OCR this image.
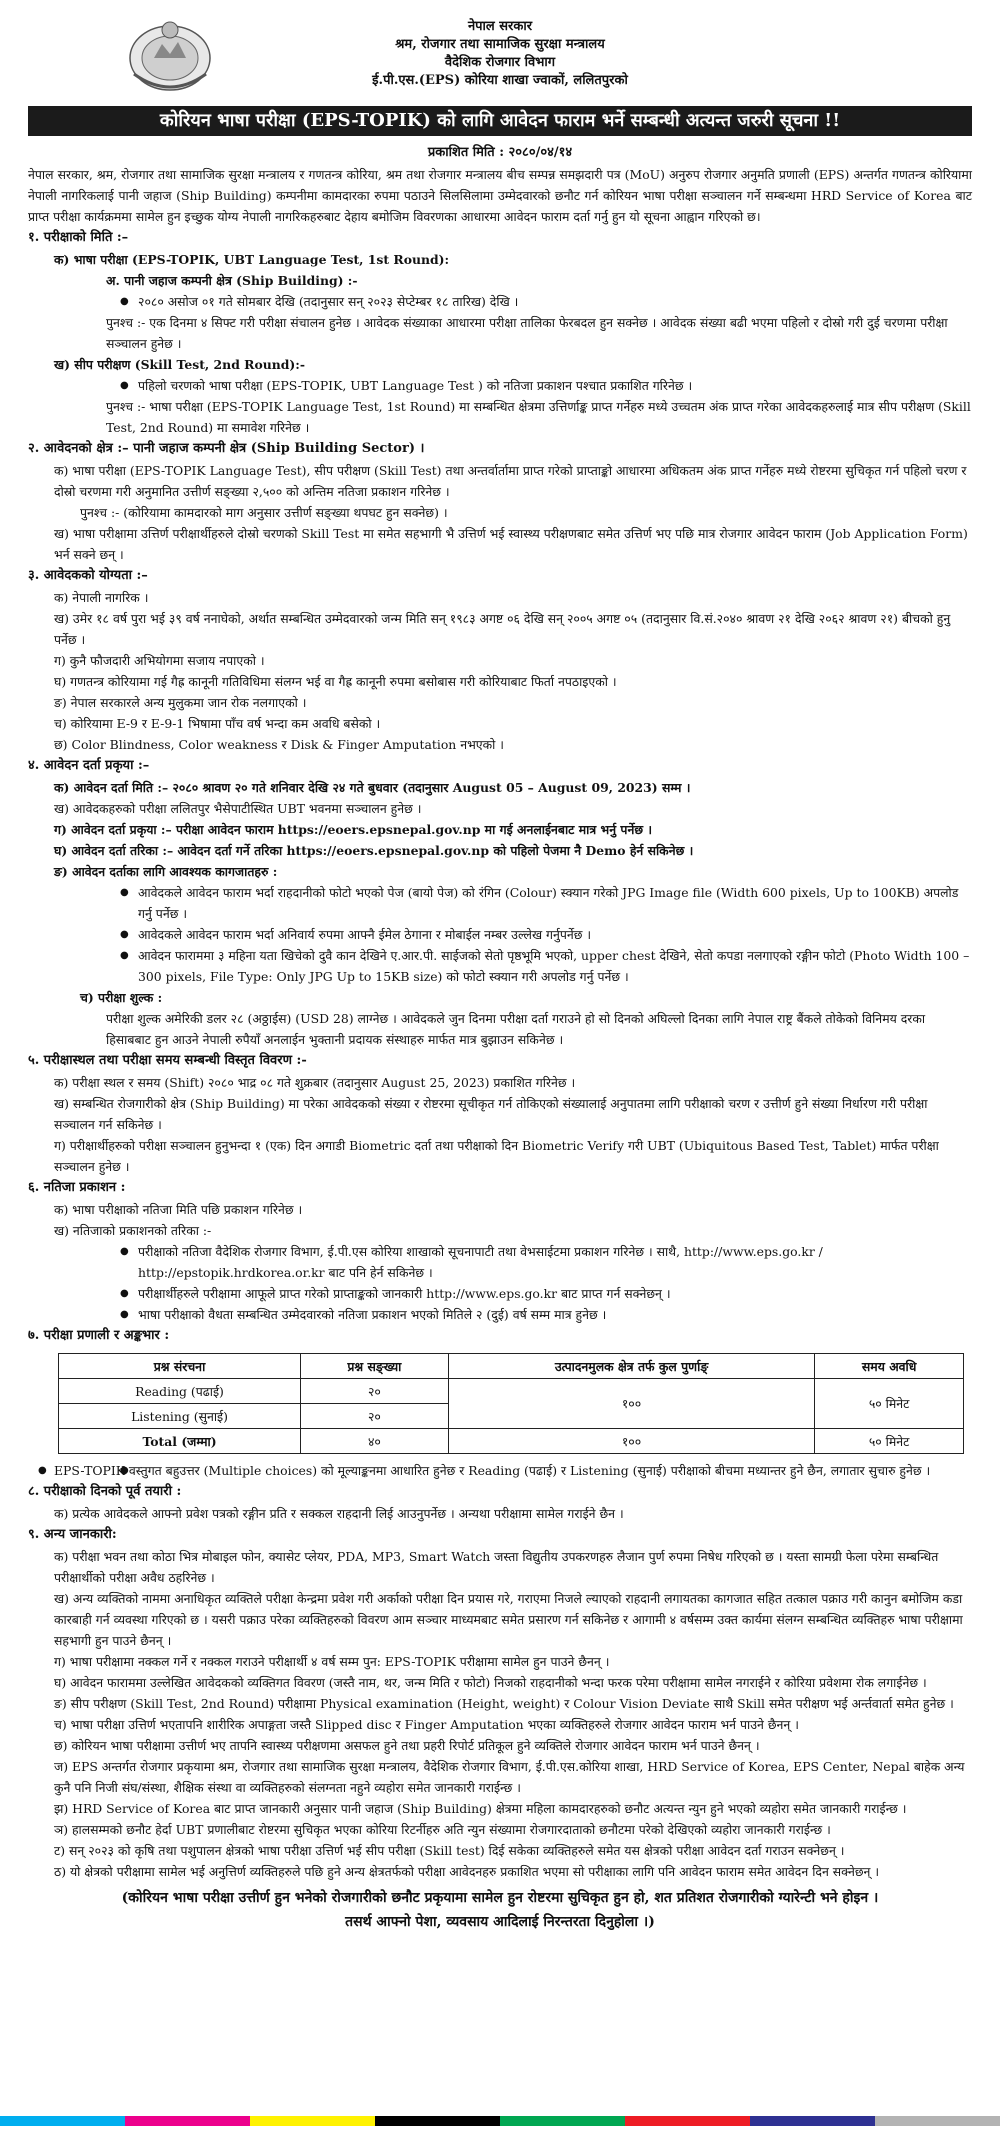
नेपाल सरकार
श्रम, रोजगार तथा सामाजिक सुरक्षा मन्त्रालय
वैदेशिक रोजगार विभाग
ई.पी.एस.(EPS) कोरिया शाखा ज्वाकों, ललितपुरको
कोरियन भाषा परीक्षा (EPS-TOPIK) को लागि आवेदन फाराम भर्ने सम्बन्धी अत्यन्त जरुरी सूचना !!
प्रकाशित मिति : २०८०/०४/१४

नेपाल सरकार, श्रम, रोजगार तथा सामाजिक सुरक्षा मन्त्रालय र गणतन्त्र कोरिया, श्रम तथा रोजगार मन्त्रालय बीच सम्पन्न समझदारी पत्र (MoU) अनुरुप रोजगार अनुमति प्रणाली (EPS) अन्तर्गत गणतन्त्र कोरियामा नेपाली नागरिकलाई पानी जहाज (Ship Building) कम्पनीमा कामदारका रुपमा पठाउने सिलसिलामा उम्मेदवारको छनौट गर्न कोरियन भाषा परीक्षा सञ्चालन गर्ने सम्बन्धमा HRD Service of Korea बाट प्राप्त परीक्षा कार्यक्रममा सामेल हुन इच्छुक योग्य नेपाली नागरिकहरुबाट देहाय बमोजिम विवरणका आधारमा आवेदन फाराम दर्ता गर्नु हुन यो सूचना आह्वान गरिएको छ।

१. परीक्षाको मिति :–

क) भाषा परीक्षा (EPS-TOPIK, UBT Language Test, 1st Round):

अ. पानी जहाज कम्पनी क्षेत्र (Ship Building) :-

● २०८० असोज ०१ गते सोमबार देखि (तदानुसार सन् २०२३ सेप्टेम्बर १८ तारिख) देखि ।

पुनश्च :- एक दिनमा ४ सिफ्ट गरी परीक्षा संचालन हुनेछ । आवेदक संख्याका आधारमा परीक्षा तालिका फेरबदल हुन सक्नेछ । आवेदक संख्या बढी भएमा पहिलो र दोस्रो गरी दुई चरणमा परीक्षा सञ्चालन हुनेछ ।

ख) सीप परीक्षण (Skill Test, 2nd Round):-

● पहिलो चरणको भाषा परीक्षा (EPS-TOPIK, UBT Language Test ) को नतिजा प्रकाशन पश्चात प्रकाशित गरिनेछ ।

पुनश्च :- भाषा परीक्षा (EPS-TOPIK Language Test, 1st Round) मा सम्बन्धित क्षेत्रमा उत्तिर्णाङ्क प्राप्त गर्नेहरु मध्ये उच्चतम अंक प्राप्त गरेका आवेदकहरुलाई मात्र सीप परीक्षण (Skill Test, 2nd Round) मा समावेश गरिनेछ ।

२. आवेदनको क्षेत्र :– पानी जहाज कम्पनी क्षेत्र (Ship Building Sector) ।

क) भाषा परीक्षा (EPS-TOPIK Language Test), सीप परीक्षण (Skill Test) तथा अन्तर्वार्तामा प्राप्त गरेको प्राप्ताङ्को आधारमा अधिकतम अंक प्राप्त गर्नेहरु मध्ये रोष्टरमा सुचिकृत गर्न पहिलो चरण र दोस्रो चरणमा गरी अनुमानित उत्तीर्ण सङ्ख्या २,५०० को अन्तिम नतिजा प्रकाशन गरिनेछ ।

पुनश्च :- (कोरियामा कामदारको माग अनुसार उत्तीर्ण सङ्ख्या थपघट हुन सक्नेछ) ।

ख) भाषा परीक्षामा उत्तिर्ण परीक्षार्थीहरुले दोस्रो चरणको Skill Test मा समेत सहभागी भै उत्तिर्ण भई स्वास्थ्य परीक्षणबाट समेत उत्तिर्ण भए पछि मात्र रोजगार आवेदन फाराम (Job Application Form) भर्न सक्ने छन् ।

३. आवेदकको योग्यता :–

क) नेपाली नागरिक ।

ख) उमेर १८ वर्ष पुरा भई ३९ वर्ष ननाघेको, अर्थात सम्बन्धित उम्मेदवारको जन्म मिति सन् १९८३ अगष्ट ०६ देखि सन् २००५ अगष्ट ०५ (तदानुसार वि.सं.२०४० श्रावण २१ देखि २०६२ श्रावण २१) बीचको हुनु पर्नेछ ।

ग) कुनै फौजदारी अभियोगमा सजाय नपाएको ।

घ) गणतन्त्र कोरियामा गई गैह्र कानूनी गतिविधिमा संलग्न भई वा गैह्र कानूनी रुपमा बसोबास गरी कोरियाबाट फिर्ता नपठाइएको ।

ङ) नेपाल सरकारले अन्य मुलुकमा जान रोक नलगाएको ।

च) कोरियामा E-9 र E-9-1 भिषामा पाँच वर्ष भन्दा कम अवधि बसेको ।

छ) Color Blindness, Color weakness र Disk & Finger Amputation नभएको ।

४. आवेदन दर्ता प्रकृया :–

क) आवेदन दर्ता मिति :– २०८० श्रावण २० गते शनिवार देखि २४ गते बुधवार (तदानुसार August 05 – August 09, 2023) सम्म ।

ख) आवेदकहरुको परीक्षा ललितपुर भैसेपाटीस्थित UBT भवनमा सञ्चालन हुनेछ ।

ग) आवेदन दर्ता प्रकृया :– परीक्षा आवेदन फाराम https://eoers.epsnepal.gov.np मा गई अनलाईनबाट मात्र भर्नु पर्नेछ ।

घ) आवेदन दर्ता तरिका :– आवेदन दर्ता गर्ने तरिका https://eoers.epsnepal.gov.np को पहिलो पेजमा नै Demo हेर्न सकिनेछ ।

ङ) आवेदन दर्ताका लागि आवश्यक कागजातहरु :

● आवेदकले आवेदन फाराम भर्दा राहदानीको फोटो भएको पेज (बायो पेज) को रंगिन (Colour) स्क्यान गरेको JPG Image file (Width 600 pixels, Up to 100KB) अपलोड गर्नु पर्नेछ ।

● आवेदकले आवेदन फाराम भर्दा अनिवार्य रुपमा आफ्नै ईमेल ठेगाना र मोबाईल नम्बर उल्लेख गर्नुपर्नेछ ।

● आवेदन फाराममा ३ महिना यता खिचेको दुवै कान देखिने ए.आर.पी. साईजको सेतो पृष्ठभूमि भएको, upper chest देखिने, सेतो कपडा नलगाएको रङ्गीन फोटो (Photo Width 100 – 300 pixels, File Type: Only JPG Up to 15KB size) को फोटो स्क्यान गरी अपलोड गर्नु पर्नेछ ।

च) परीक्षा शुल्क :

परीक्षा शुल्क अमेरिकी डलर २८ (अठ्ठाईस) (USD 28) लाग्नेछ । आवेदकले जुन दिनमा परीक्षा दर्ता गराउने हो सो दिनको अघिल्लो दिनका लागि नेपाल राष्ट्र बैंकले तोकेको विनिमय दरका हिसाबबाट हुन आउने नेपाली रुपैयाँ अनलाईन भुक्तानी प्रदायक संस्थाहरु मार्फत मात्र बुझाउन सकिनेछ ।

५. परीक्षास्थल तथा परीक्षा समय सम्बन्धी विस्तृत विवरण :-

क) परीक्षा स्थल र समय (Shift) २०८० भाद्र ०८ गते शुक्रबार (तदानुसार August 25, 2023) प्रकाशित गरिनेछ ।

ख) सम्बन्धित रोजगारीको क्षेत्र (Ship Building) मा परेका आवेदकको संख्या र रोष्टरमा सूचीकृत गर्न तोकिएको संख्यालाई अनुपातमा लागि परीक्षाको चरण र उत्तीर्ण हुने संख्या निर्धारण गरी परीक्षा सञ्चालन गर्न सकिनेछ ।

ग) परीक्षार्थीहरुको परीक्षा सञ्चालन हुनुभन्दा १ (एक) दिन अगाडी Biometric दर्ता तथा परीक्षाको दिन Biometric Verify गरी UBT (Ubiquitous Based Test, Tablet) मार्फत परीक्षा सञ्चालन हुनेछ ।

६. नतिजा प्रकाशन :

क) भाषा परीक्षाको नतिजा मिति पछि प्रकाशन गरिनेछ ।

ख) नतिजाको प्रकाशनको तरिका :-

● परीक्षाको नतिजा वैदेशिक रोजगार विभाग, ई.पी.एस कोरिया शाखाको सूचनापाटी तथा वेभसाईटमा प्रकाशन गरिनेछ । साथै, http://www.eps.go.kr / http://epstopik.hrdkorea.or.kr बाट पनि हेर्न सकिनेछ ।

● परीक्षार्थीहरुले परीक्षामा आफूले प्राप्त गरेको प्राप्ताङ्कको जानकारी http://www.eps.go.kr बाट प्राप्त गर्न सक्नेछन् ।

● भाषा परीक्षाको वैधता सम्बन्धित उम्मेदवारको नतिजा प्रकाशन भएको मितिले २ (दुई) वर्ष सम्म मात्र हुनेछ ।

७. परीक्षा प्रणाली र अङ्कभार :
प्रश्न संरचना	प्रश्न सङ्ख्या	उत्पादनमुलक क्षेत्र तर्फ कुल पुर्णाङ्	समय अवधि
Reading (पढाई)	२०	१००	५० मिनेट
Listening (सुनाई)	२०		
Total (जम्मा)	४०	१००	५० मिनेट

● ● EPS-TOPIK वस्तुगत बहुउत्तर (Multiple choices) को मूल्याङ्कनमा आधारित हुनेछ र Reading (पढाई) र Listening (सुनाई) परीक्षाको बीचमा मध्यान्तर हुने छैन, लगातार सुचारु हुनेछ ।

८. परीक्षाको दिनको पूर्व तयारी :

क) प्रत्येक आवेदकले आफ्नो प्रवेश पत्रको रङ्गीन प्रति र सक्कल राहदानी लिई आउनुपर्नेछ । अन्यथा परीक्षामा सामेल गराईने छैन ।

९. अन्य जानकारी:

क) परीक्षा भवन तथा कोठा भित्र मोबाइल फोन, क्यासेट प्लेयर, PDA, MP3, Smart Watch जस्ता विद्युतीय उपकरणहरु लैजान पुर्ण रुपमा निषेध गरिएको छ । यस्ता सामग्री फेला परेमा सम्बन्धित परीक्षार्थीको परीक्षा अवैध ठहरिनेछ ।

ख) अन्य व्यक्तिको नाममा अनाधिकृत व्यक्तिले परीक्षा केन्द्रमा प्रवेश गरी अर्काको परीक्षा दिन प्रयास गरे, गराएमा निजले ल्याएको राहदानी लगायतका कागजात सहित तत्काल पक्राउ गरी कानुन बमोजिम कडा कारबाही गर्न व्यवस्था गरिएको छ । यसरी पक्राउ परेका व्यक्तिहरुको विवरण आम सञ्चार माध्यमबाट समेत प्रसारण गर्न सकिनेछ र आगामी ४ वर्षसम्म उक्त कार्यमा संलग्न सम्बन्धित व्यक्तिहरु भाषा परीक्षामा सहभागी हुन पाउने छैनन् ।

ग) भाषा परीक्षामा नक्कल गर्ने र नक्कल गराउने परीक्षार्थी ४ वर्ष सम्म पुन: EPS-TOPIK परीक्षामा सामेल हुन पाउने छैनन् ।

घ) आवेदन फाराममा उल्लेखित आवेदकको व्यक्तिगत विवरण (जस्तै नाम, थर, जन्म मिति र फोटो) निजको राहदानीको भन्दा फरक परेमा परीक्षामा सामेल नगराईने र कोरिया प्रवेशमा रोक लगाईनेछ ।

ङ) सीप परीक्षण (Skill Test, 2nd Round) परीक्षामा Physical examination (Height, weight) र Colour Vision Deviate साथै Skill समेत परीक्षण भई अर्न्तवार्ता समेत हुनेछ ।

च) भाषा परीक्षा उत्तिर्ण भएतापनि शारीरिक अपाङ्गता जस्तै Slipped disc र Finger Amputation भएका व्यक्तिहरुले रोजगार आवेदन फाराम भर्न पाउने छैनन् ।

छ) कोरियन भाषा परीक्षामा उत्तीर्ण भए तापनि स्वास्थ्य परीक्षणमा असफल हुने तथा प्रहरी रिपोर्ट प्रतिकूल हुने व्यक्तिले रोजगार आवेदन फाराम भर्न पाउने छैनन् ।

ज) EPS अन्तर्गत रोजगार प्रकृयामा श्रम, रोजगार तथा सामाजिक सुरक्षा मन्त्रालय, वैदेशिक रोजगार विभाग, ई.पी.एस.कोरिया शाखा, HRD Service of Korea, EPS Center, Nepal बाहेक अन्य कुनै पनि निजी संघ/संस्था, शैक्षिक संस्था वा व्यक्तिहरुको संलग्नता नहुने व्यहोरा समेत जानकारी गराईन्छ ।

झ) HRD Service of Korea बाट प्राप्त जानकारी अनुसार पानी जहाज (Ship Building) क्षेत्रमा महिला कामदारहरुको छनौट अत्यन्त न्युन हुने भएको व्यहोरा समेत जानकारी गराईन्छ ।

ञ) हालसम्मको छनौट हेर्दा UBT प्रणालीबाट रोष्टरमा सुचिकृत भएका कोरिया रिटर्नीहरु अति न्युन संख्यामा रोजगारदाताको छनौटमा परेको देखिएको व्यहोरा जानकारी गराईन्छ ।

ट) सन् २०२३ को कृषि तथा पशुपालन क्षेत्रको भाषा परीक्षा उत्तिर्ण भई सीप परीक्षा (Skill test) दिई सकेका व्यक्तिहरुले समेत यस क्षेत्रको परीक्षा आवेदन दर्ता गराउन सक्नेछन् ।

ठ) यो क्षेत्रको परीक्षामा सामेल भई अनुत्तिर्ण व्यक्तिहरुले पछि हुने अन्य क्षेत्रतर्फको परीक्षा आवेदनहरु प्रकाशित भएमा सो परीक्षाका लागि पनि आवेदन फाराम समेत आवेदन दिन सक्नेछन् ।

(कोरियन भाषा परीक्षा उत्तीर्ण हुन भनेको रोजगारीको छनौट प्रकृयामा सामेल हुन रोष्टरमा सुचिकृत हुन हो, शत प्रतिशत रोजगारीको ग्यारेन्टी भने होइन ।
तसर्थ आफ्नो पेशा, व्यवसाय आदिलाई निरन्तरता दिनुहोला ।)
